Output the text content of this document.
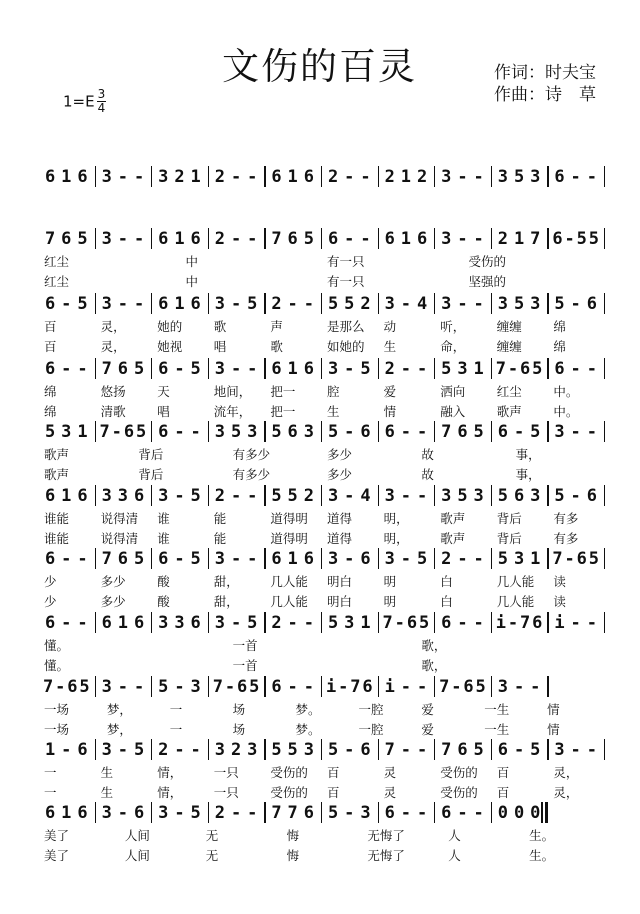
文伤的百灵	作词：时夫宝
作曲：诗　草
$1=E \frac{3}{4}$
6 1 6 3 - - 3 2 1 2 - - 6 1 6 2 - - 2 1 2 3 - - 3 5 3 6 - -
7 6 5 3 - - 6 1 6 2 - - 7 6 5 6 - - 6 1 6 3 - - 2 1 7 6 - 5 5
红尘	中	有一只	受伤的
红尘	中	有一只	坚强的
6 - 5 3 - - 6 1 6 3 - 5 2 - - 5 5 2 3 - 4 3 - - 3 5 3 5 - 6
百	灵，	她的	歌	声	是那么 动	听，	缠缠	绵
百	灵，	她视	唱	歌	如她的 生	命，	缠缠	绵
6 - - 7 6 5 6 - 5 3 - - 6 1 6 3 - 5 2 - - 5 3 1 7 - 6 5 6 - -
绵	悠扬	天	地间， 把一	腔	爱	洒向	红尘	中。
绵	清歌	唱	流年， 把一	生	情	融入	歌声	中。
5 3 1 7 - 6 5 6 - - 3 5 3 5 6 3 5 - 6 6 - - 7 6 5 6 - 5 3 - -
歌声	背后	有多少	多少	故	事，
歌声	背后	有多少	多少	故	事，
6 1 6 3 3 6 3 - 5 2 - - 5 5 2 3 - 4 3 - - 3 5 3 5 6 3 5 - 6
谁能	说得清 谁	能	道得明 道得	明，	歌声	背后	有多
谁能	说得清 谁	能	道得明 道得	明，	歌声	背后	有多
6 - - 7 6 5 6 - 5 3 - - 6 1 6 3 - 6 3 - 5 2 - - 5 3 1 7 - 6 5
少	多少	酸	甜，	几人能 明白	明	白	几人能 读
少	多少	酸	甜，	几人能 明白	明	白	几人能 读
6 - - 6 1 6 3 3 6 3 - 5 2 - - 5 3 1 7 - 6 5 6 - - i - 7 6 i - -
懂。	一首	歌，
懂。	一首	歌，
7 - 6 5 3 - - 5 - 3 7 - 6 5 6 - - i - 7 6 i - - 7 - 6 5 3 - -
一场	梦，	一	场	梦。	一腔	爱	一生	情
一场	梦，	一	场	梦。	一腔	爱	一生	情
1 - 6 3 - 5 2 - - 3 2 3 5 5 3 5 - 6 7 - - 7 6 5 6 - 5 3 - -
一	生	情，	一只	受伤的 百	灵	受伤的 百	灵，
一	生	情，	一只	受伤的 百	灵	受伤的 百	灵，
6 1 6 3 - 6 3 - 5 2 - - 7 7 6 5 - 3 6 - - 6 - - 0 0 0
美了	人间	无	悔	无悔了	人	生。
美了	人间	无	悔	无悔了	人	生。
